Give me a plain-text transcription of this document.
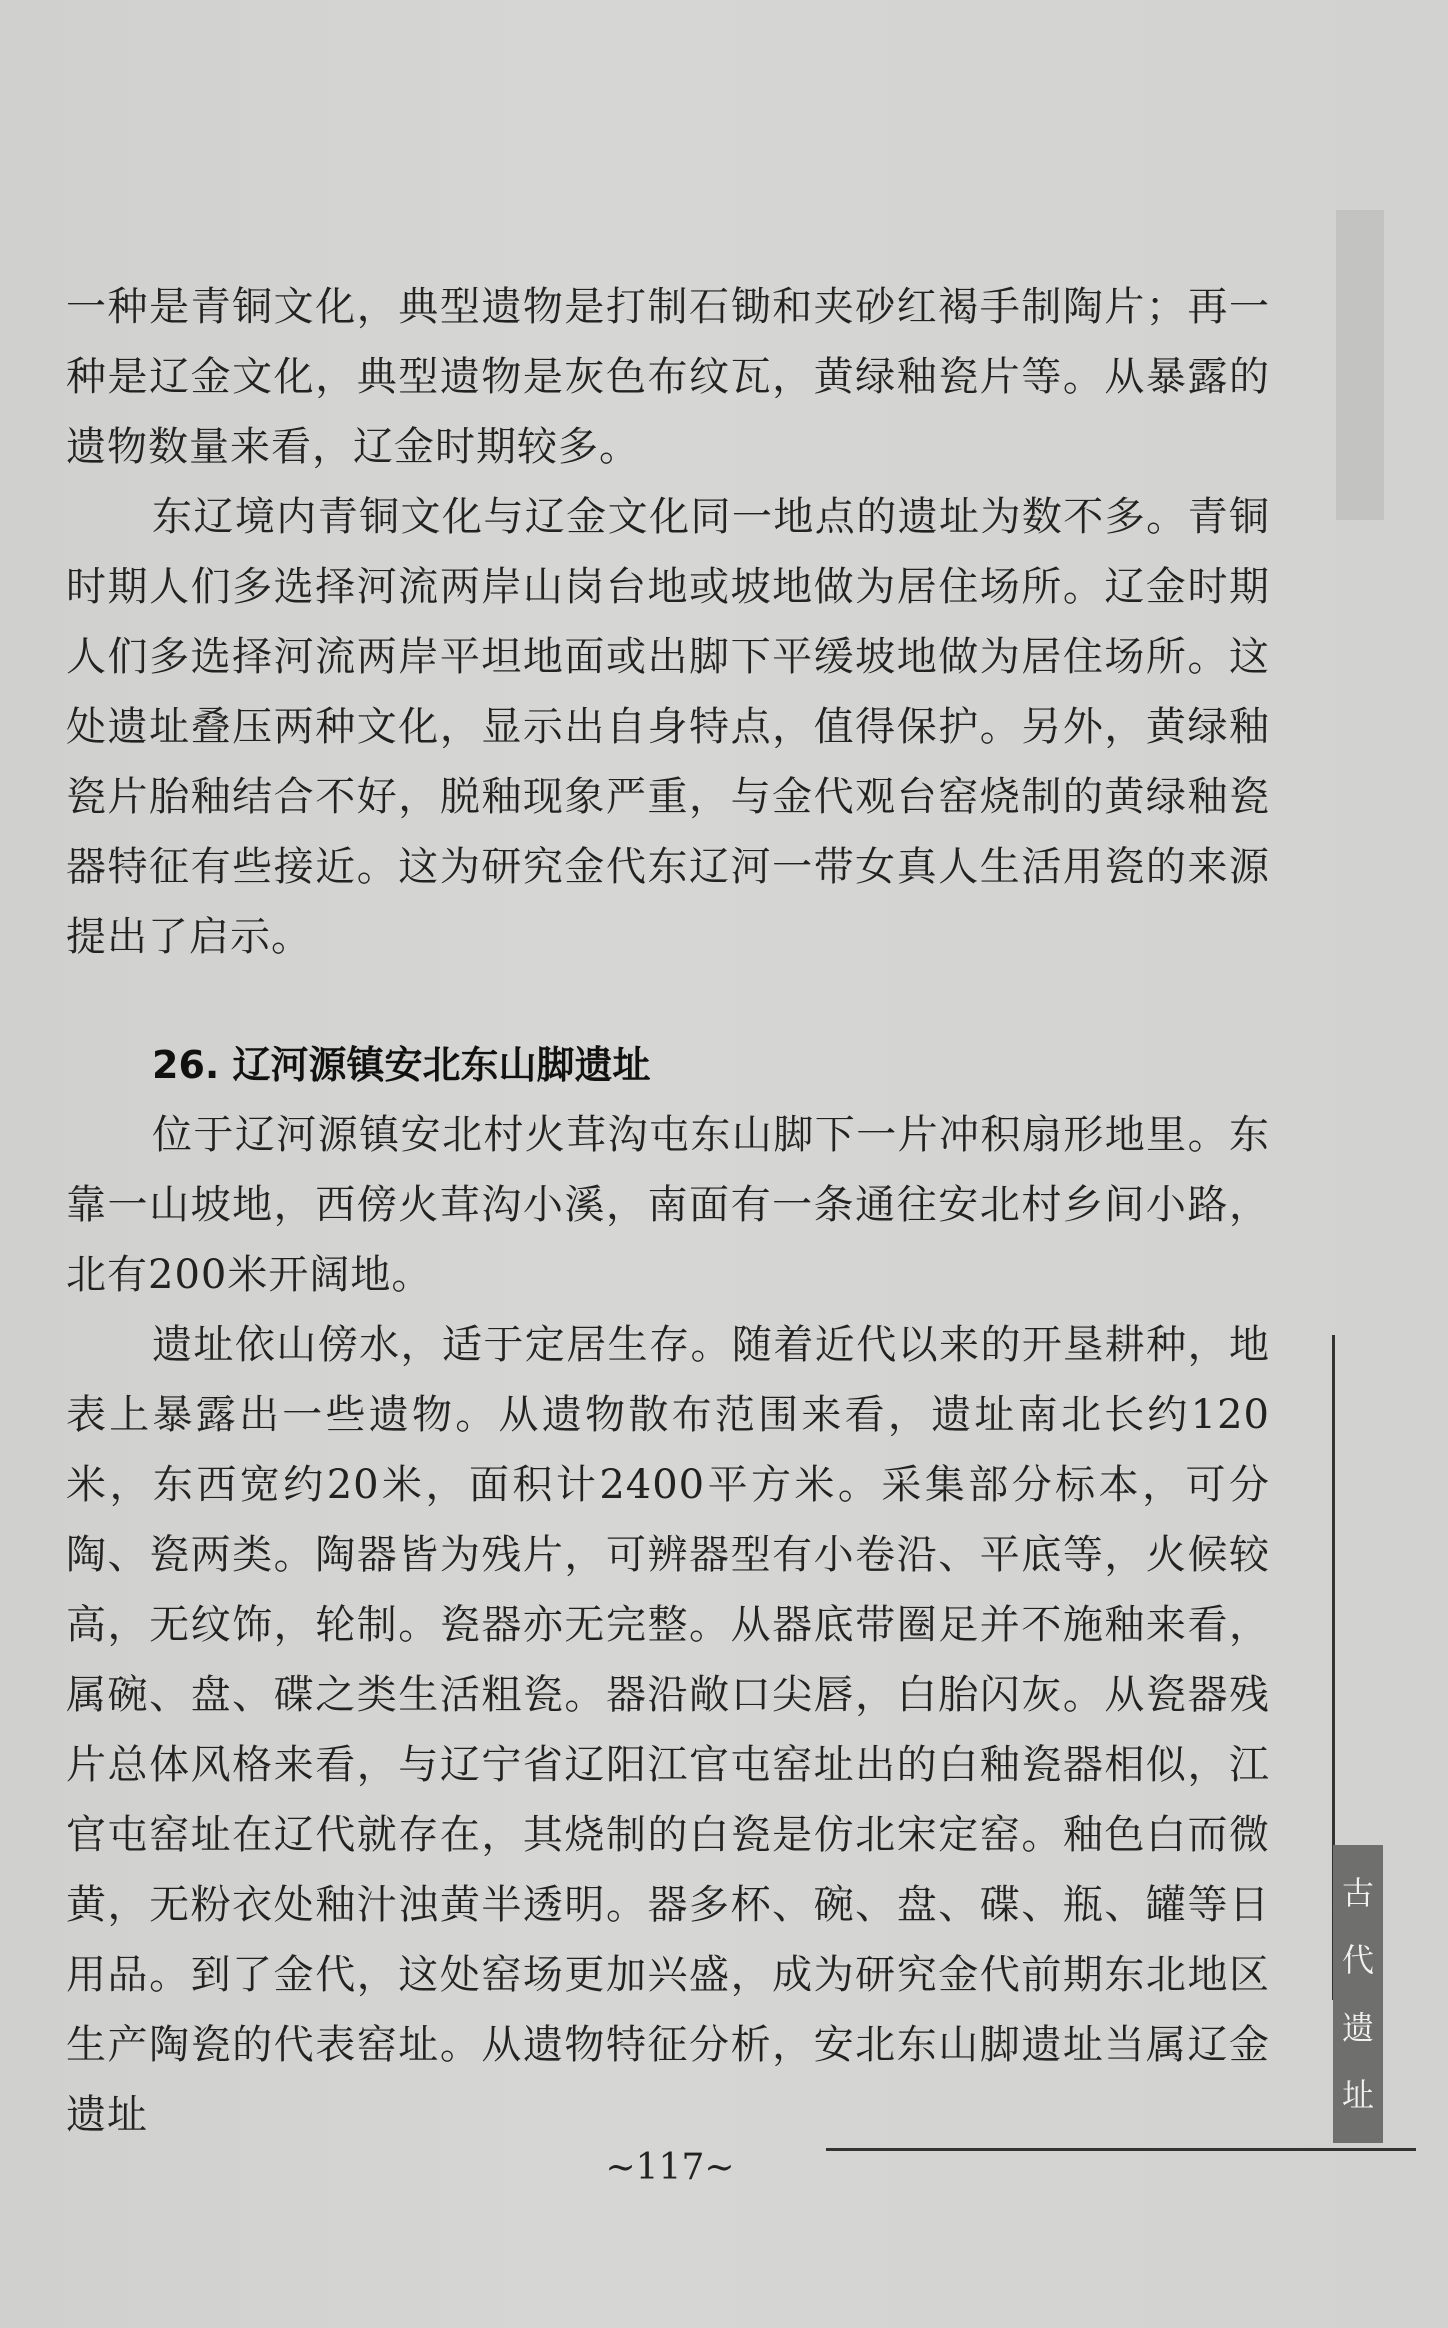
一种是青铜文化，典型遗物是打制石锄和夹砂红褐手制陶片；再一种是辽金文化，典型遗物是灰色布纹瓦，黄绿釉瓷片等。从暴露的遗物数量来看，辽金时期较多。

东辽境内青铜文化与辽金文化同一地点的遗址为数不多。青铜时期人们多选择河流两岸山岗台地或坡地做为居住场所。辽金时期人们多选择河流两岸平坦地面或出脚下平缓坡地做为居住场所。这处遗址叠压两种文化，显示出自身特点，值得保护。另外，黄绿釉瓷片胎釉结合不好，脱釉现象严重，与金代观台窑烧制的黄绿釉瓷器特征有些接近。这为研究金代东辽河一带女真人生活用瓷的来源提出了启示。

26. 辽河源镇安北东山脚遗址

位于辽河源镇安北村火茸沟屯东山脚下一片冲积扇形地里。东靠一山坡地，西傍火茸沟小溪，南面有一条通往安北村乡间小路，北有200米开阔地。

遗址依山傍水，适于定居生存。随着近代以来的开垦耕种，地表上暴露出一些遗物。从遗物散布范围来看，遗址南北长约120米，东西宽约20米，面积计2400平方米。采集部分标本，可分陶、瓷两类。陶器皆为残片，可辨器型有小卷沿、平底等，火候较高，无纹饰，轮制。瓷器亦无完整。从器底带圈足并不施釉来看，属碗、盘、碟之类生活粗瓷。器沿敞口尖唇，白胎闪灰。从瓷器残片总体风格来看，与辽宁省辽阳江官屯窑址出的白釉瓷器相似，江官屯窑址在辽代就存在，其烧制的白瓷是仿北宋定窑。釉色白而微黄，无粉衣处釉汁浊黄半透明。器多杯、碗、盘、碟、瓶、罐等日用品。到了金代，这处窑场更加兴盛，成为研究金代前期东北地区生产陶瓷的代表窑址。从遗物特征分析，安北东山脚遗址当属辽金遗址

古
代
遗
址
~117~
